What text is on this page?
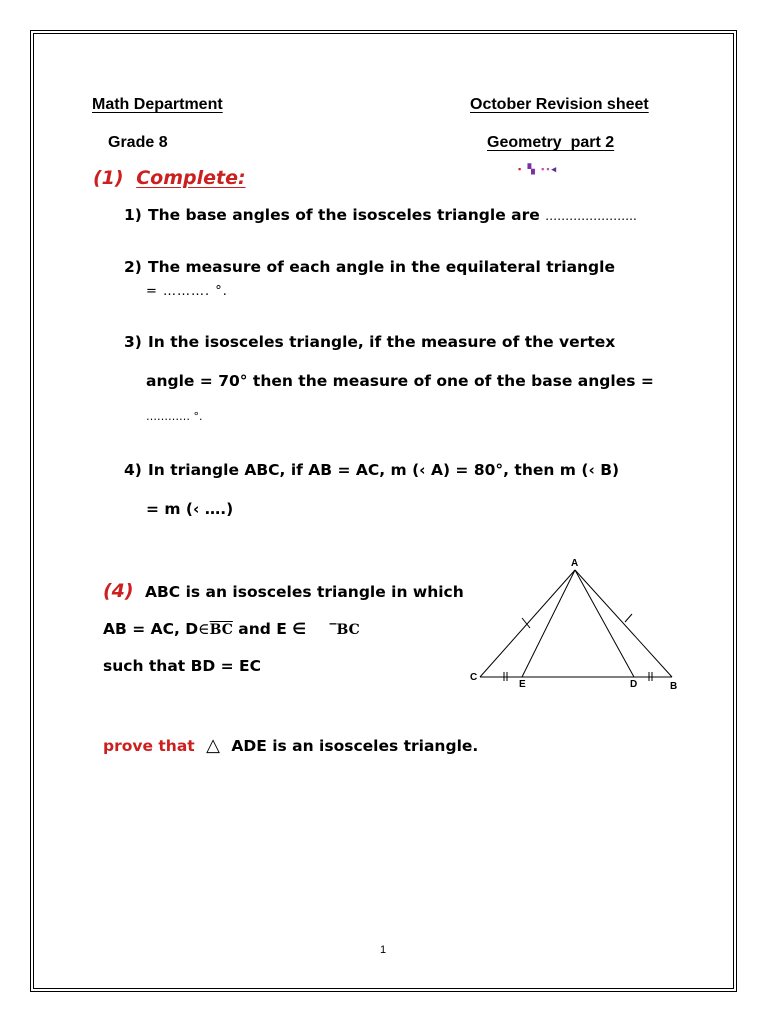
Math Department	October Revision sheet
Grade 8	Geometry  part 2
▪ ▚ ▪▪◂
(1) Complete:
1) The base angles of the isosceles triangle are …………………..
2) The measure of each angle in the equilateral triangle
= ………. °.
3) In the isosceles triangle, if the measure of the vertex
angle = 70° then the measure of one of the base angles =
………… °.
4) In triangle ABC, if AB = AC, m (‹ A) = 80°, then m (‹ B)
= m (‹ ….)
(4) ABC is an isosceles triangle in which
AB = AC, $D\in\overline{BC}$ and E ∈ ‾BC
such that BD = EC
prove that △ ADE is an isosceles triangle.
A
C
E	D	B
1
